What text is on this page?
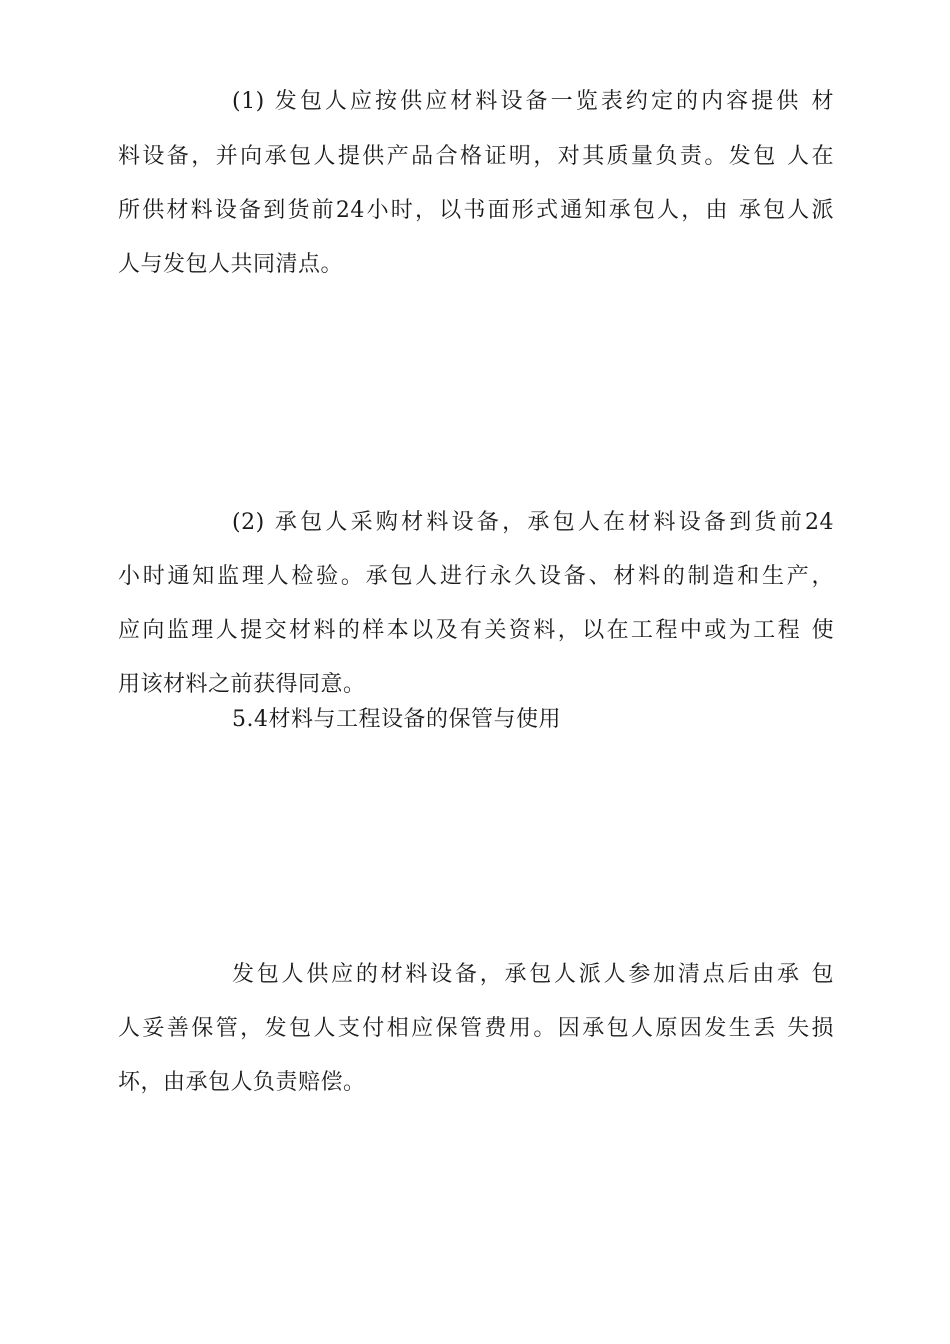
(1) 发包人应按供应材料设备一览表约定的内容提供 材
料设备，并向承包人提供产品合格证明，对其质量负责。发包 人在
所供材料设备到货前24小时，以书面形式通知承包人，由 承包人派
人与发包人共同清点。
(2) 承包人采购材料设备，承包人在材料设备到货前24
小时通知监理人检验。承包人进行永久设备、材料的制造和生产，
应向监理人提交材料的样本以及有关资料，以在工程中或为工程 使
用该材料之前获得同意。
5.4材料与工程设备的保管与使用
发包人供应的材料设备，承包人派人参加清点后由承 包
人妥善保管，发包人支付相应保管费用。因承包人原因发生丢 失损
坏，由承包人负责赔偿。
